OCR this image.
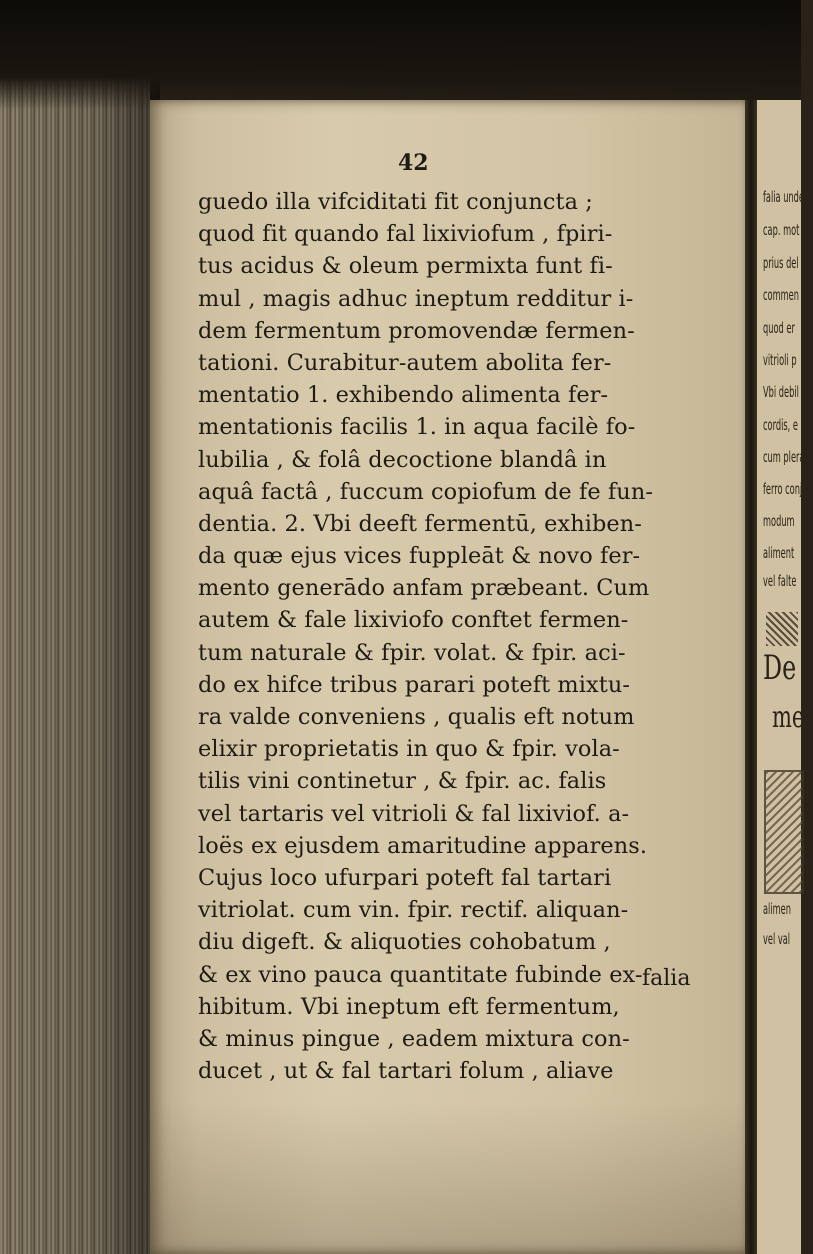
42
guedo illa vifciditati fit conjuncta ;
quod fit quando fal lixiviofum , fpiri-
tus acidus & oleum permixta funt fi-
mul , magis adhuc ineptum redditur i-
dem fermentum promovendæ fermen-
tationi. Curabitur-autem abolita fer-
mentatio 1. exhibendo alimenta fer-
mentationis facilis 1. in aqua facilè fo-
lubilia , & folâ decoctione blandâ in
aquâ factâ , fuccum copiofum de fe fun-
dentia. 2. Vbi deeft fermentū, exhiben-
da quæ ejus vices fuppleāt & novo fer-
mento generādo anfam præbeant. Cum
autem & fale lixiviofo conftet fermen-
tum naturale & fpir. volat. & fpir. aci-
do ex hifce tribus parari poteft mixtu-
ra valde conveniens , qualis eft notum
elixir proprietatis in quo & fpir. vola-
tilis vini continetur , & fpir. ac. falis
vel tartaris vel vitrioli & fal lixiviof. a-
loës ex ejusdem amaritudine apparens.
Cujus loco ufurpari poteft fal tartari
vitriolat. cum vin. fpir. rectif. aliquan-
diu digeft. & aliquoties cohobatum ,
& ex vino pauca quantitate fubinde ex-
hibitum. Vbi ineptum eft fermentum,
& minus pingue , eadem mixtura con-
ducet , ut & fal tartari folum , aliave
falia
falia unde
cap. mot
prius del
commen
quod er
vitrioli p
Vbi debil
cordis, e
cum plera
ferro conj
modum
aliment
vel falte
De f
me
alimen
vel val
